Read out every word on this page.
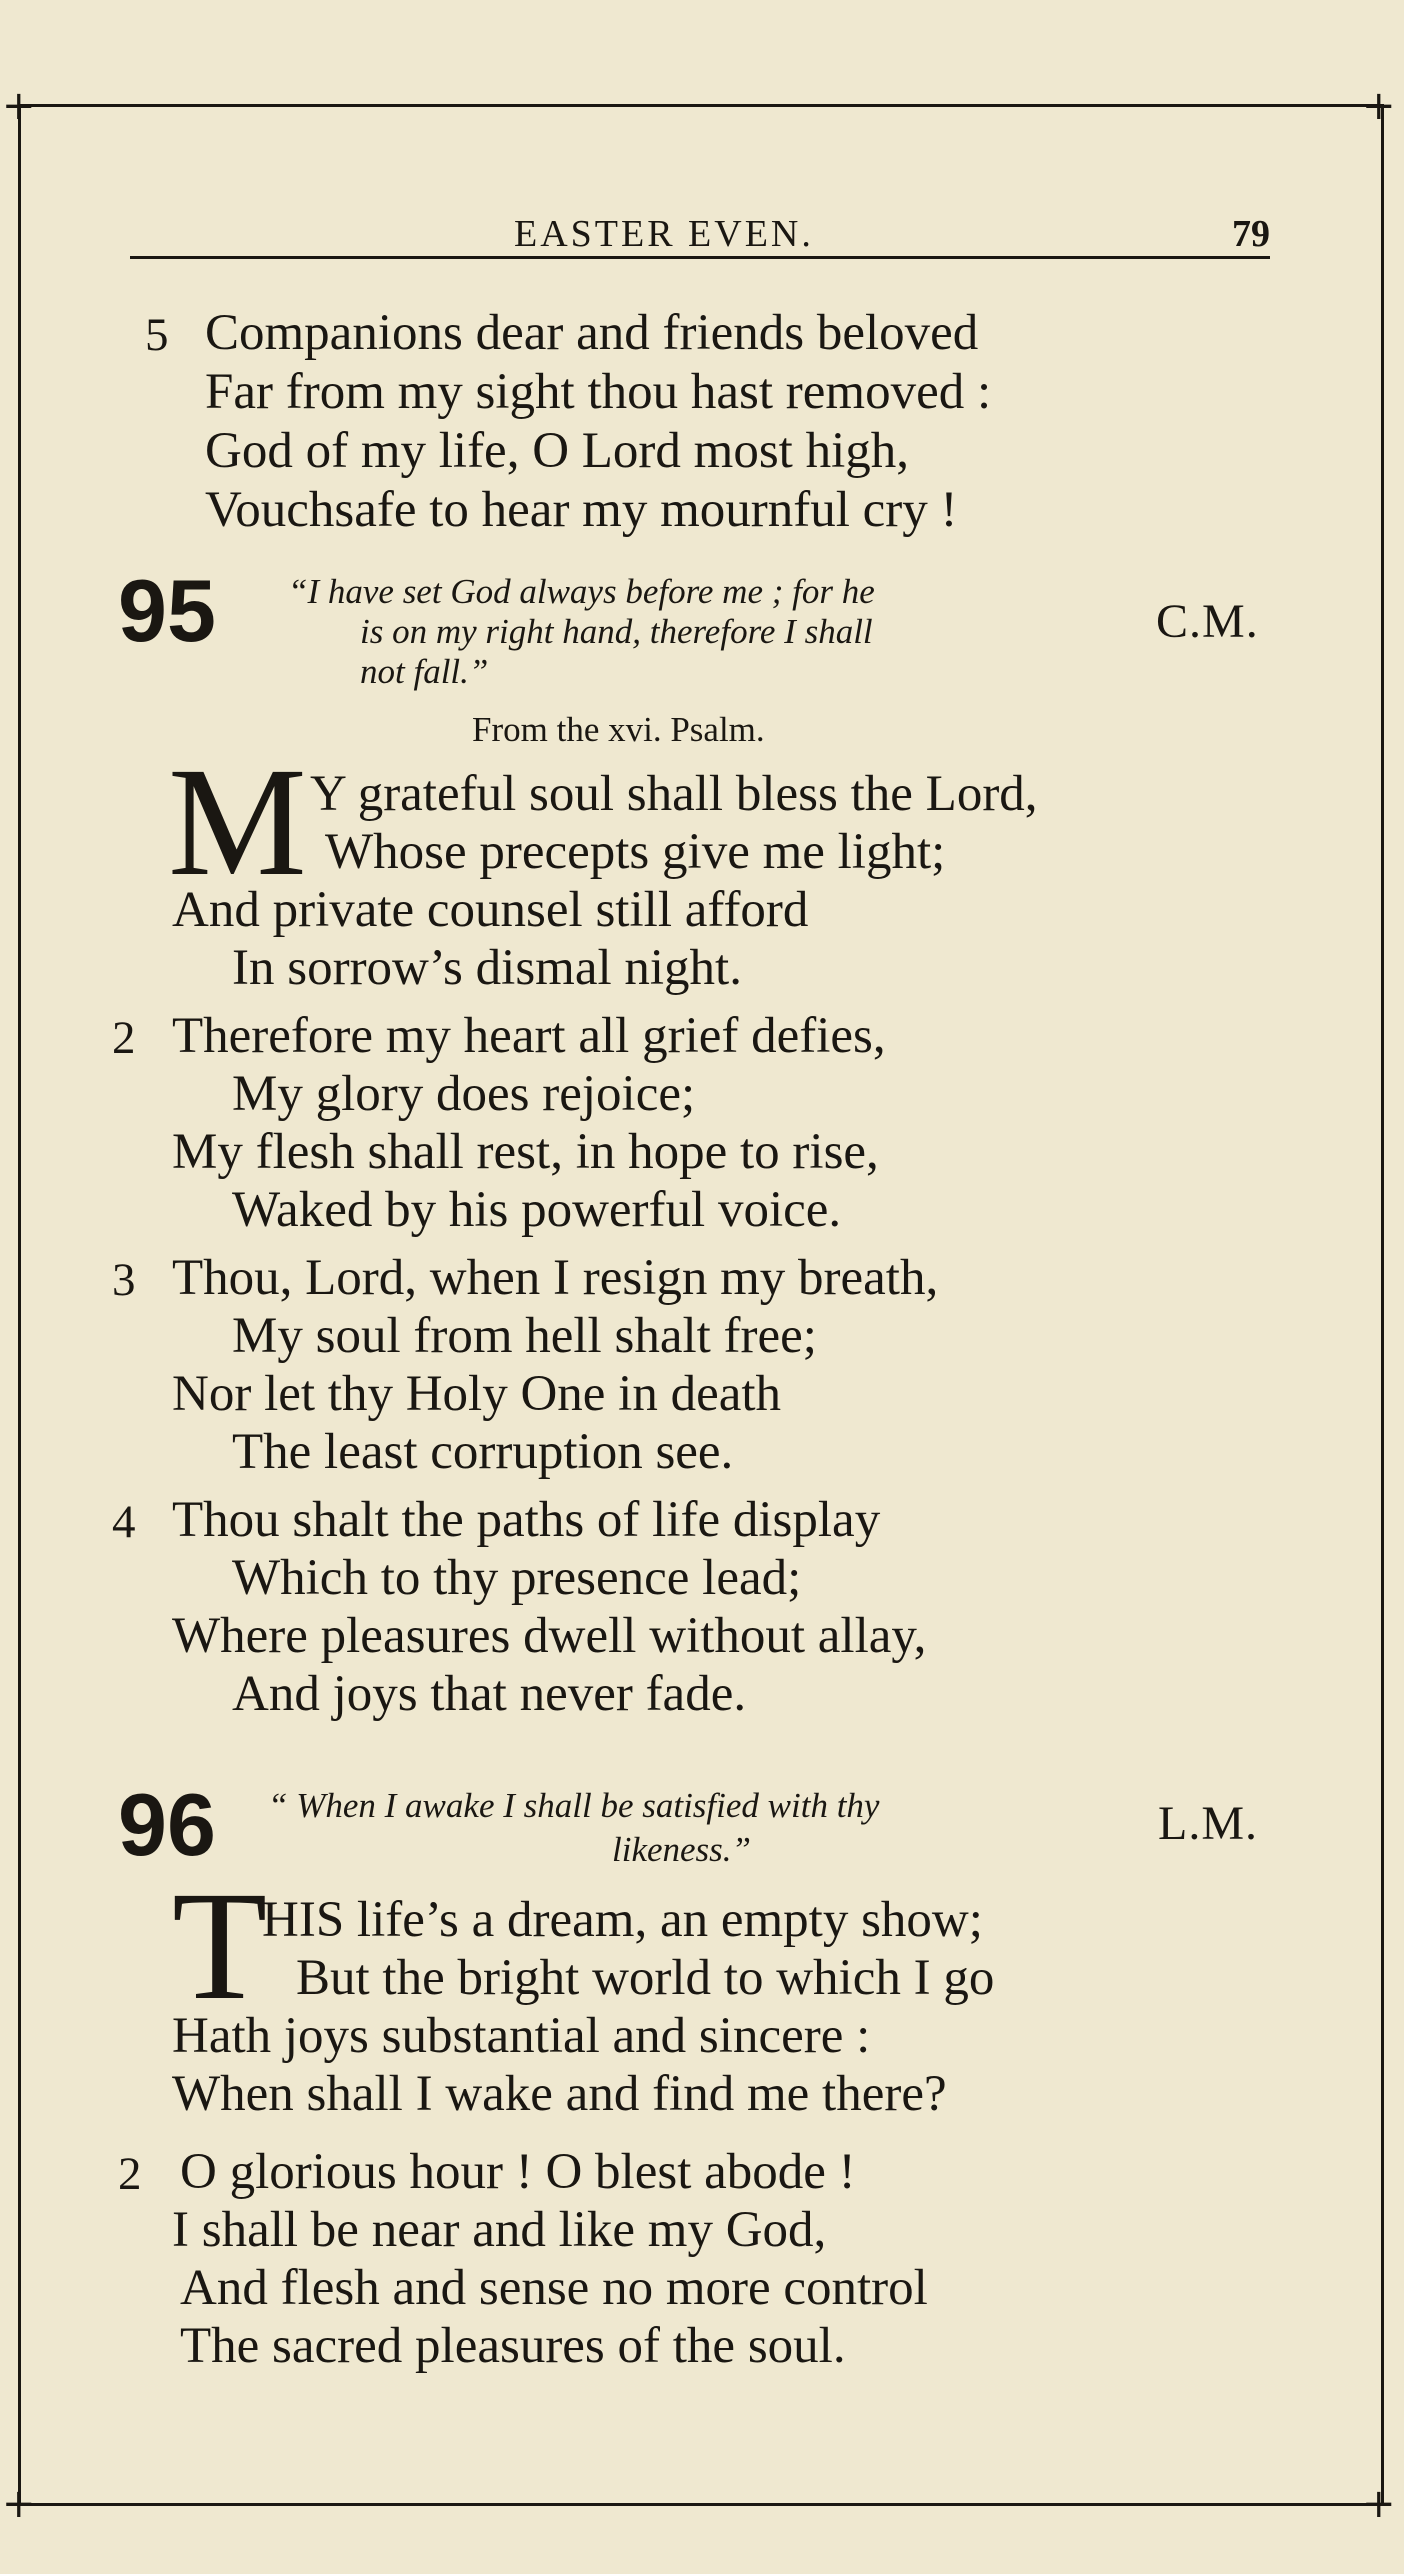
+	+
+	+
EASTER EVEN.	79
5 Companions dear and friends beloved
Far from my sight thou hast removed :
God of my life, O Lord most high,
Vouchsafe to hear my mournful cry !
95 “I have set God always before me ; for he
is on my right hand, therefore I shall
not fall.”
C.M.
From the xvi. Psalm.
M Y grateful soul shall bless the Lord,
Whose precepts give me light;
And private counsel still afford
In sorrow’s dismal night.
2 Therefore my heart all grief defies,
My glory does rejoice;
My flesh shall rest, in hope to rise,
Waked by his powerful voice.
3 Thou, Lord, when I resign my breath,
My soul from hell shalt free;
Nor let thy Holy One in death
The least corruption see.
4 Thou shalt the paths of life display
Which to thy presence lead;
Where pleasures dwell without allay,
And joys that never fade.
96 “ When I awake I shall be satisfied with thy
likeness.”	L.M.
T
HIS life’s a dream, an empty show;
But the bright world to which I go
Hath joys substantial and sincere :
When shall I wake and find me there?
2 O glorious hour ! O blest abode !
I shall be near and like my God,
And flesh and sense no more control
The sacred pleasures of the soul.
